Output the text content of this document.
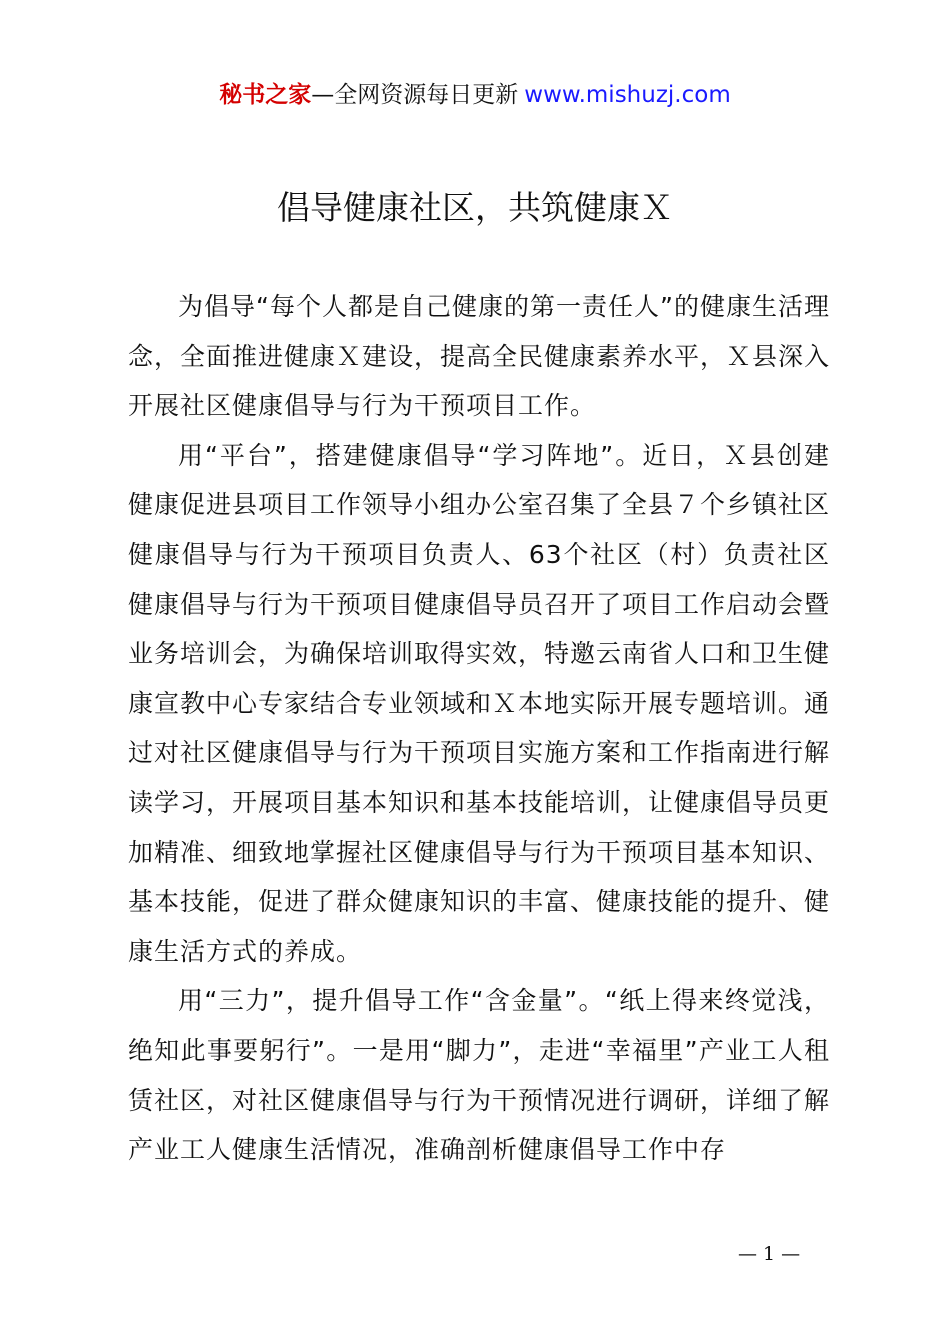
秘书之家—全网资源每日更新 www.mishuzj.com
倡导健康社区，共筑健康Ｘ

为倡导“每个人都是自己健康的第一责任人”的健康生活理念，全面推进健康Ｘ建设，提高全民健康素养水平，Ｘ县深入开展社区健康倡导与行为干预项目工作。

用“平台”，搭建健康倡导“学习阵地”。近日，Ｘ县创建健康促进县项目工作领导小组办公室召集了全县７个乡镇社区健康倡导与行为干预项目负责人、63个社区（村）负责社区健康倡导与行为干预项目健康倡导员召开了项目工作启动会暨业务培训会，为确保培训取得实效，特邀云南省人口和卫生健康宣教中心专家结合专业领域和Ｘ本地实际开展专题培训。通过对社区健康倡导与行为干预项目实施方案和工作指南进行解读学习，开展项目基本知识和基本技能培训，让健康倡导员更加精准、细致地掌握社区健康倡导与行为干预项目基本知识、基本技能，促进了群众健康知识的丰富、健康技能的提升、健康生活方式的养成。

用“三力”，提升倡导工作“含金量”。“纸上得来终觉浅，绝知此事要躬行”。一是用“脚力”，走进“幸福里”产业工人租赁社区，对社区健康倡导与行为干预情况进行调研，详细了解产业工人健康生活情况，准确剖析健康倡导工作中存

— 1 —
